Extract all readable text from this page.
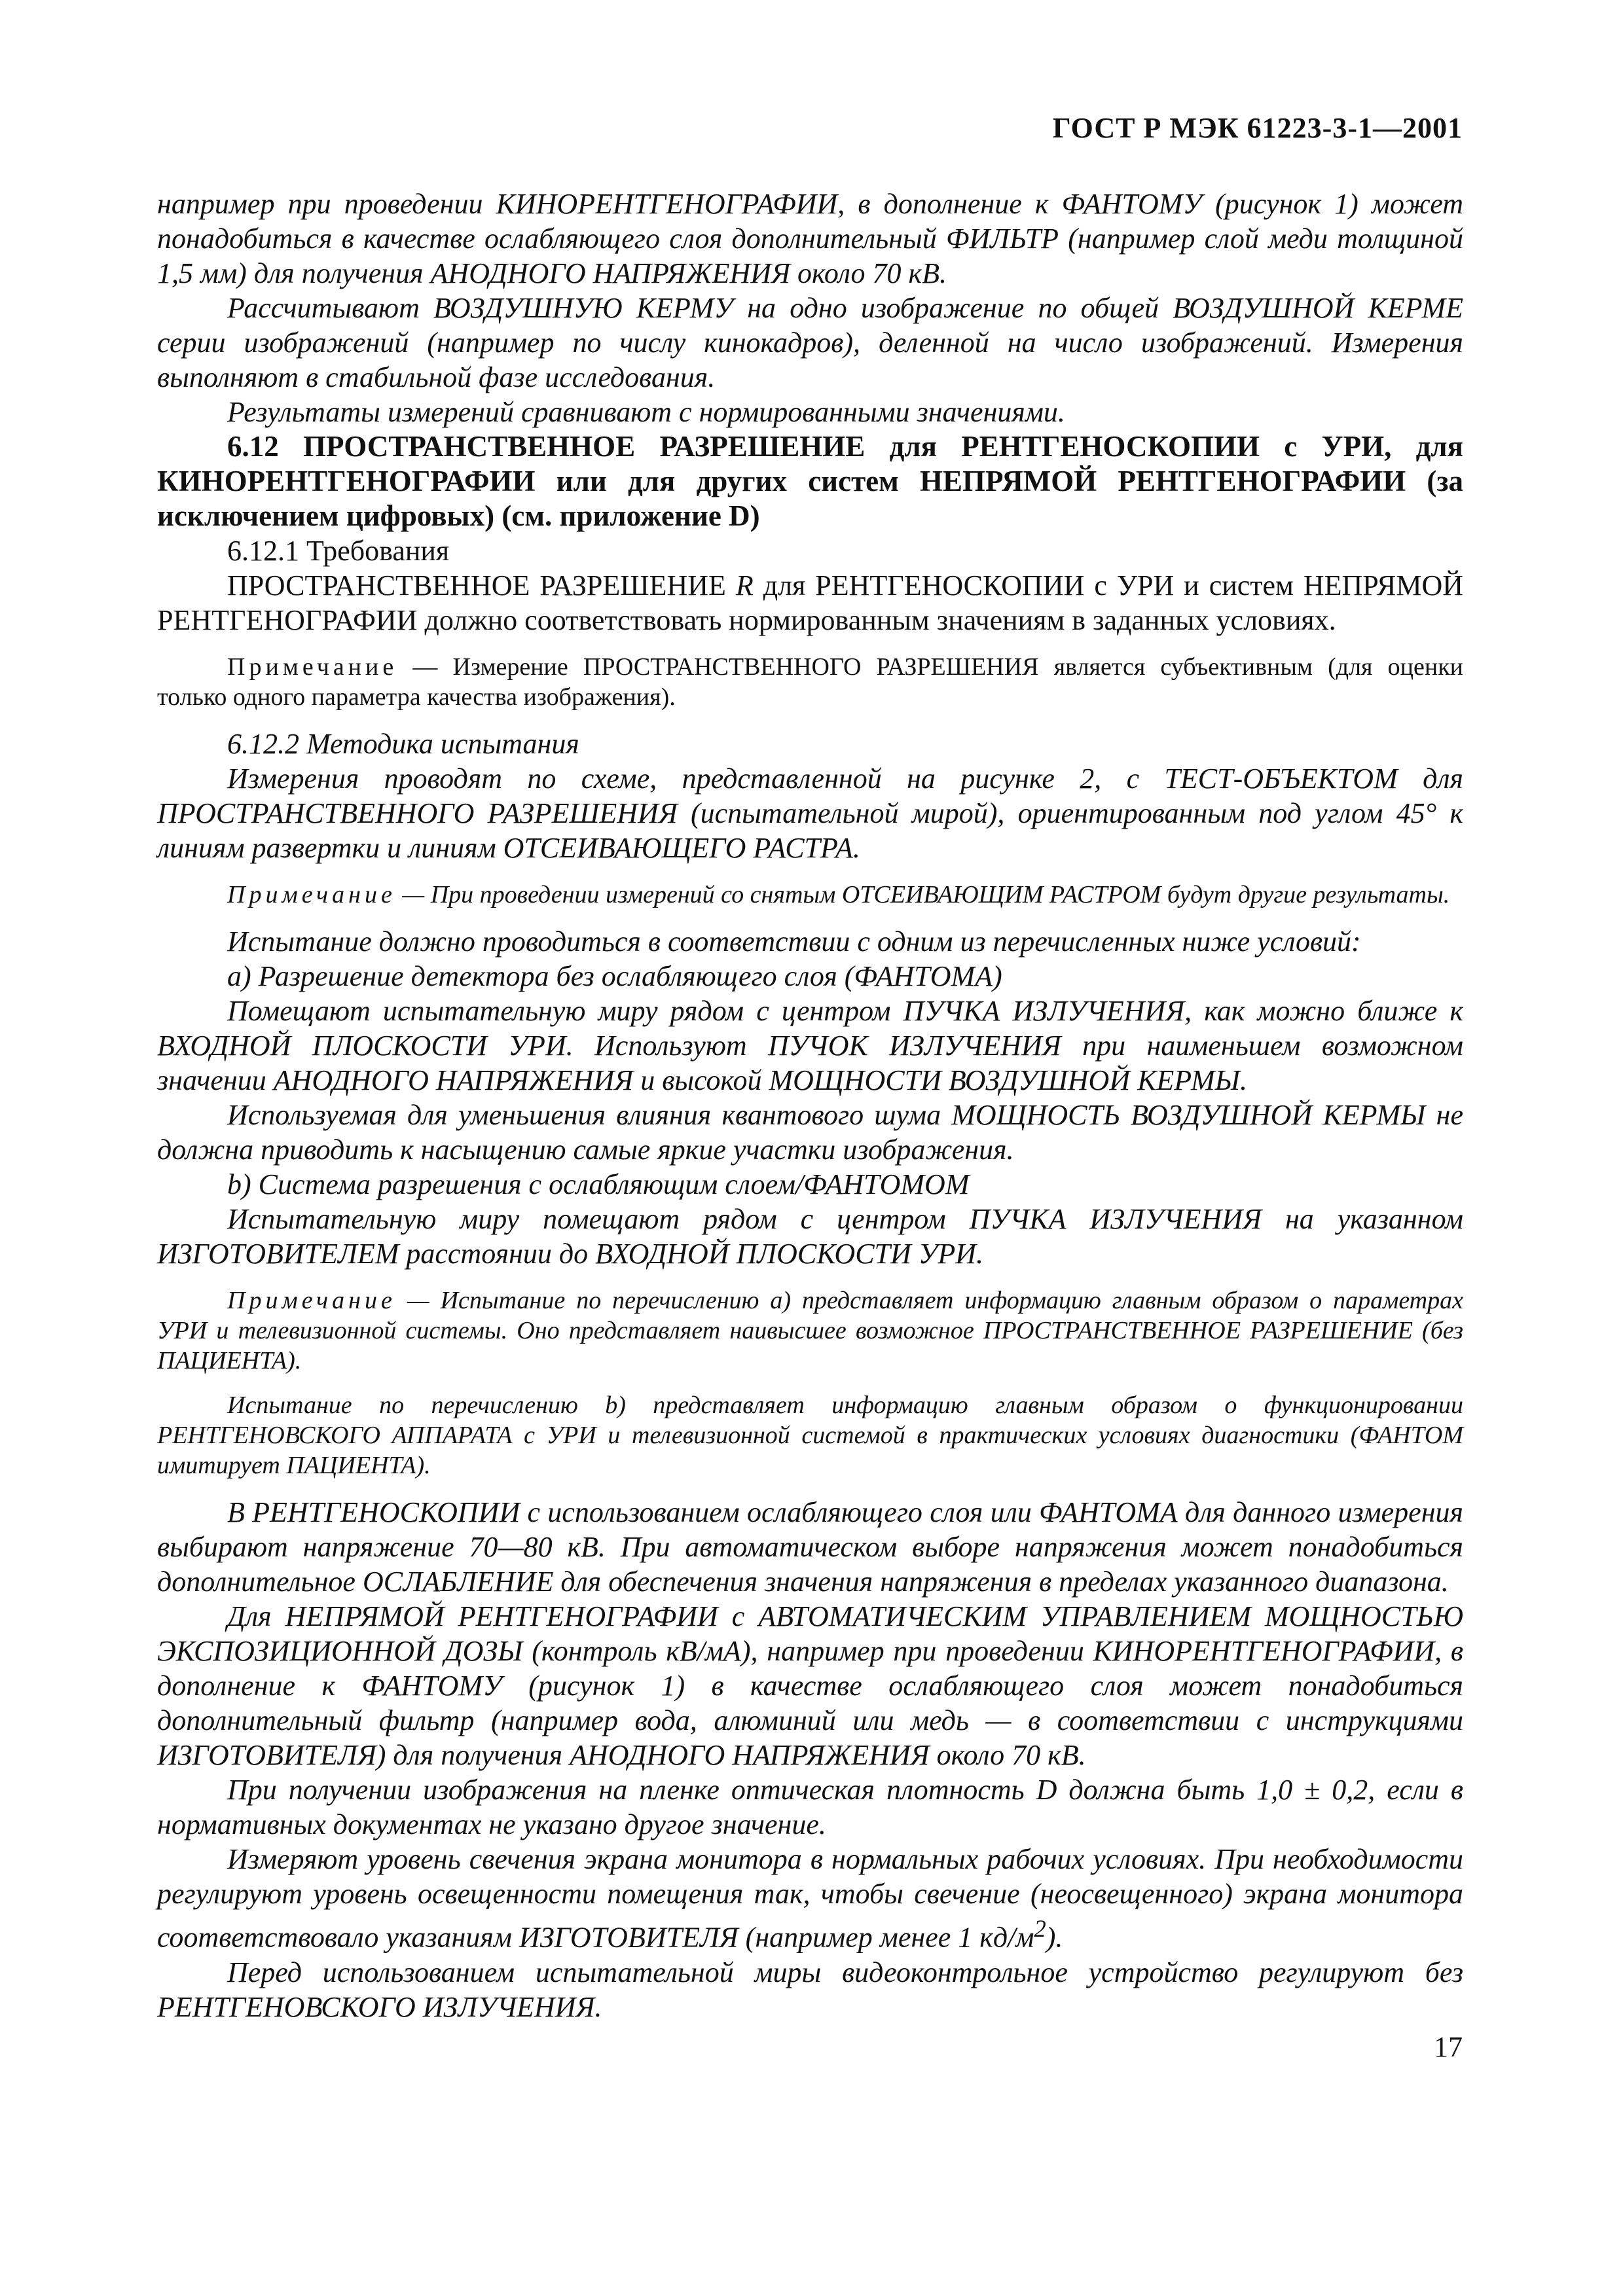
ГОСТ Р МЭК 61223-3-1—2001

например при проведении КИНОРЕНТГЕНОГРАФИИ, в дополнение к ФАНТОМУ (рисунок 1) может понадобиться в качестве ослабляющего слоя дополнительный ФИЛЬТР (например слой меди толщиной 1,5 мм) для получения АНОДНОГО НАПРЯЖЕНИЯ около 70 кВ.

Рассчитывают ВОЗДУШНУЮ КЕРМУ на одно изображение по общей ВОЗДУШНОЙ КЕРМЕ серии изображений (например по числу кинокадров), деленной на число изображений. Измерения выполняют в стабильной фазе исследования.

Результаты измерений сравнивают с нормированными значениями.

6.12 ПРОСТРАНСТВЕННОЕ РАЗРЕШЕНИЕ для РЕНТГЕНОСКОПИИ с УРИ, для КИНОРЕНТГЕНОГРАФИИ или для других систем НЕПРЯМОЙ РЕНТГЕНОГРАФИИ (за исключением цифровых) (см. приложение D)

6.12.1 Требования

ПРОСТРАНСТВЕННОЕ РАЗРЕШЕНИЕ R для РЕНТГЕНОСКОПИИ с УРИ и систем НЕПРЯМОЙ РЕНТГЕНОГРАФИИ должно соответствовать нормированным значениям в заданных условиях.

Примечание — Измерение ПРОСТРАНСТВЕННОГО РАЗРЕШЕНИЯ является субъективным (для оценки только одного параметра качества изображения).

6.12.2 Методика испытания

Измерения проводят по схеме, представленной на рисунке 2, с ТЕСТ-ОБЪЕКТОМ для ПРОСТРАНСТВЕННОГО РАЗРЕШЕНИЯ (испытательной мирой), ориентированным под углом 45° к линиям развертки и линиям ОТСЕИВАЮЩЕГО РАСТРА.

Примечание — При проведении измерений со снятым ОТСЕИВАЮЩИМ РАСТРОМ будут другие результаты.

Испытание должно проводиться в соответствии с одним из перечисленных ниже условий:

a) Разрешение детектора без ослабляющего слоя (ФАНТОМА)

Помещают испытательную миру рядом с центром ПУЧКА ИЗЛУЧЕНИЯ, как можно ближе к ВХОДНОЙ ПЛОСКОСТИ УРИ. Используют ПУЧОК ИЗЛУЧЕНИЯ при наименьшем возможном значении АНОДНОГО НАПРЯЖЕНИЯ и высокой МОЩНОСТИ ВОЗДУШНОЙ КЕРМЫ.

Используемая для уменьшения влияния квантового шума МОЩНОСТЬ ВОЗДУШНОЙ КЕРМЫ не должна приводить к насыщению самые яркие участки изображения.

b) Система разрешения с ослабляющим слоем/ФАНТОМОМ

Испытательную миру помещают рядом с центром ПУЧКА ИЗЛУЧЕНИЯ на указанном ИЗГОТОВИТЕЛЕМ расстоянии до ВХОДНОЙ ПЛОСКОСТИ УРИ.

Примечание — Испытание по перечислению a) представляет информацию главным образом о параметрах УРИ и телевизионной системы. Оно представляет наивысшее возможное ПРОСТРАНСТВЕННОЕ РАЗРЕШЕНИЕ (без ПАЦИЕНТА).

Испытание по перечислению b) представляет информацию главным образом о функционировании РЕНТГЕНОВСКОГО АППАРАТА с УРИ и телевизионной системой в практических условиях диагностики (ФАНТОМ имитирует ПАЦИЕНТА).

В РЕНТГЕНОСКОПИИ с использованием ослабляющего слоя или ФАНТОМА для данного измерения выбирают напряжение 70—80 кВ. При автоматическом выборе напряжения может понадобиться дополнительное ОСЛАБЛЕНИЕ для обеспечения значения напряжения в пределах указанного диапазона.

Для НЕПРЯМОЙ РЕНТГЕНОГРАФИИ с АВТОМАТИЧЕСКИМ УПРАВЛЕНИЕМ МОЩНОСТЬЮ ЭКСПОЗИЦИОННОЙ ДОЗЫ (контроль кВ/мА), например при проведении КИНОРЕНТГЕНОГРАФИИ, в дополнение к ФАНТОМУ (рисунок 1) в качестве ослабляющего слоя может понадобиться дополнительный фильтр (например вода, алюминий или медь — в соответствии с инструкциями ИЗГОТОВИТЕЛЯ) для получения АНОДНОГО НАПРЯЖЕНИЯ около 70 кВ.

При получении изображения на пленке оптическая плотность D должна быть 1,0 ± 0,2, если в нормативных документах не указано другое значение.

Измеряют уровень свечения экрана монитора в нормальных рабочих условиях. При необходимости регулируют уровень освещенности помещения так, чтобы свечение (неосвещенного) экрана монитора соответствовало указаниям ИЗГОТОВИТЕЛЯ (например менее 1 $кд/м^2$).

Перед использованием испытательной миры видеоконтрольное устройство регулируют без РЕНТГЕНОВСКОГО ИЗЛУЧЕНИЯ.

17
